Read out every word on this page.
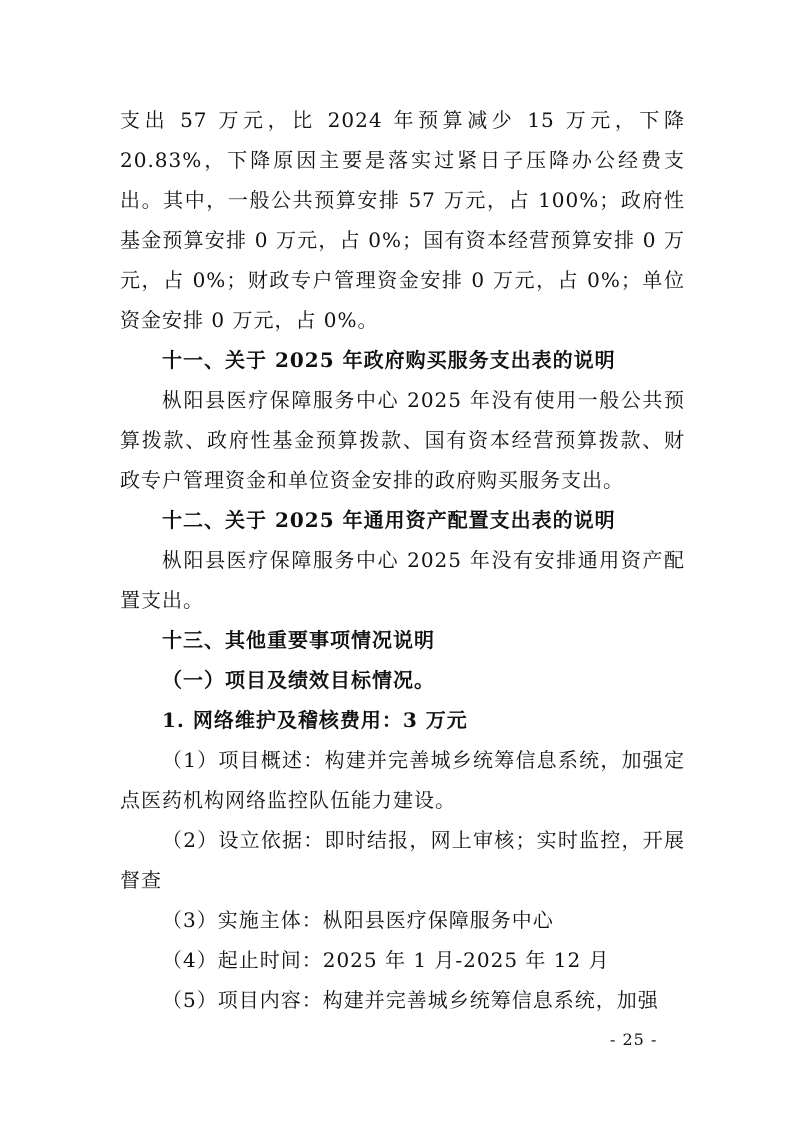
支出 57 万元，比 2024 年预算减少 15 万元，下降 20.83%，下降原因主要是落实过紧日子压降办公经费支出。其中，一般公共预算安排 57 万元，占 100%；政府性基金预算安排 0 万元，占 0%；国有资本经营预算安排 0 万元，占 0%；财政专户管理资金安排 0 万元，占 0%；单位资金安排 0 万元，占 0%。

十一、关于 2025 年政府购买服务支出表的说明

枞阳县医疗保障服务中心 2025 年没有使用一般公共预算拨款、政府性基金预算拨款、国有资本经营预算拨款、财政专户管理资金和单位资金安排的政府购买服务支出。

十二、关于 2025 年通用资产配置支出表的说明

枞阳县医疗保障服务中心 2025 年没有安排通用资产配置支出。

十三、其他重要事项情况说明

（一）项目及绩效目标情况。

1. 网络维护及稽核费用：3 万元

（1）项目概述：构建并完善城乡统筹信息系统，加强定点医药机构网络监控队伍能力建设。

（2）设立依据：即时结报，网上审核；实时监控，开展督查

（3）实施主体：枞阳县医疗保障服务中心

（4）起止时间：2025 年 1 月-2025 年 12 月

（5）项目内容：构建并完善城乡统筹信息系统，加强

- 25 -
